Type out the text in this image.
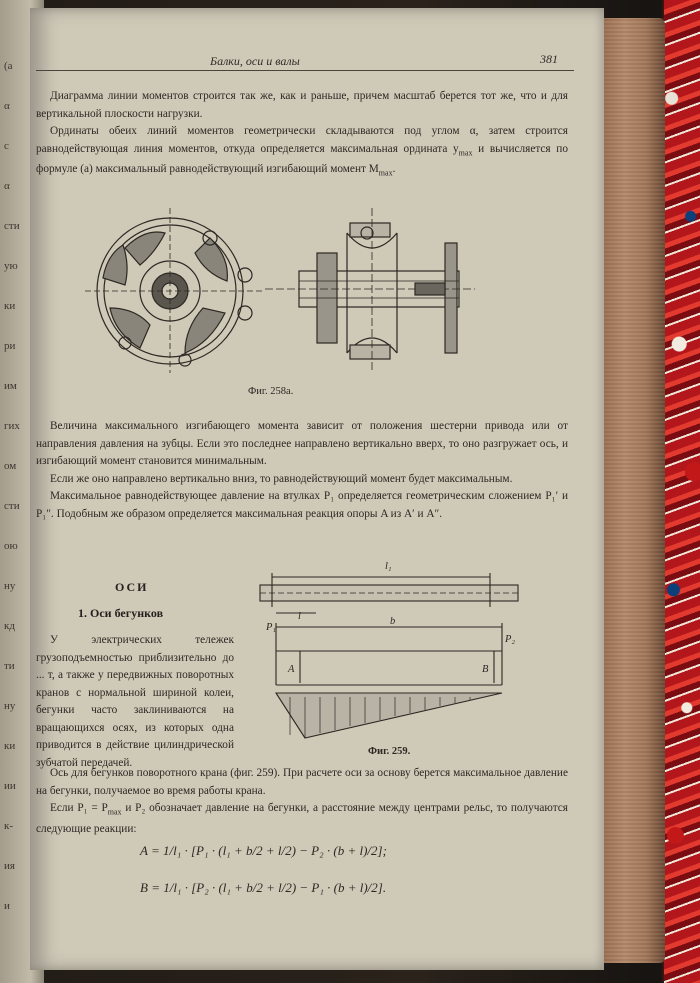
(a
α
с
α
сти
ую
ки
ри
им
гих
ом
сти
ою
ну
кд
ти
ну
ки
ии
к-
ия
и
Балки, оси и валы	381

Диаграмма линии моментов строится так же, как и раньше, причем масштаб берется тот же, что и для вертикальной плоскости нагрузки.

Ординаты обеих линий моментов геометрически складываются под углом α, затем строится равнодействующая линия моментов, откуда определяется максимальная ордината $y_{max}$ и вычисляется по формуле (a) максимальный равнодействующий изгибающий момент $M_{max}$.

Фиг. 258a.

Величина максимального изгибающего момента зависит от положения шестерни привода или от направления давления на зубцы. Если это последнее направлено вертикально вверх, то оно разгружает ось, и изгибающий момент становится минимальным.

Если же оно направлено вертикально вниз, то равнодействующий момент будет максимальным.

Максимальное равнодействующее давление на втулках P₁ определяется геометрическим сложением P₁′ и P₁″. Подобным же образом определяется максимальная реакция опоры A из A′ и A″.

ОСИ
1. Оси бегунков

У электрических тележек грузоподъемностью приблизительно до ... т, а также у передвижных поворотных кранов с нормальной шириной колеи, бегунки часто заклиниваются на вращающихся осях, из которых одна приводится в действие цилиндрической зубчатой передачей.

l₁
l	b
P₁
P₂
A	B
Фиг. 259.

Ось для бегунков поворотного крана (фиг. 259). При расчете оси за основу берется максимальное давление на бегунки, получаемое во время работы крана.

Если $P_1 = P_{max}$ и P₂ обозначает давление на бегунки, a расстояние между центрами рельс, то получаются следующие реакции:

A = 1/l₁ · [P₁ · (l₁ + b/2 + l/2) − P₂ · (b + l)/2];
B = 1/l₁ · [P₂ · (l₁ + b/2 + l/2) − P₁ · (b + l)/2].
